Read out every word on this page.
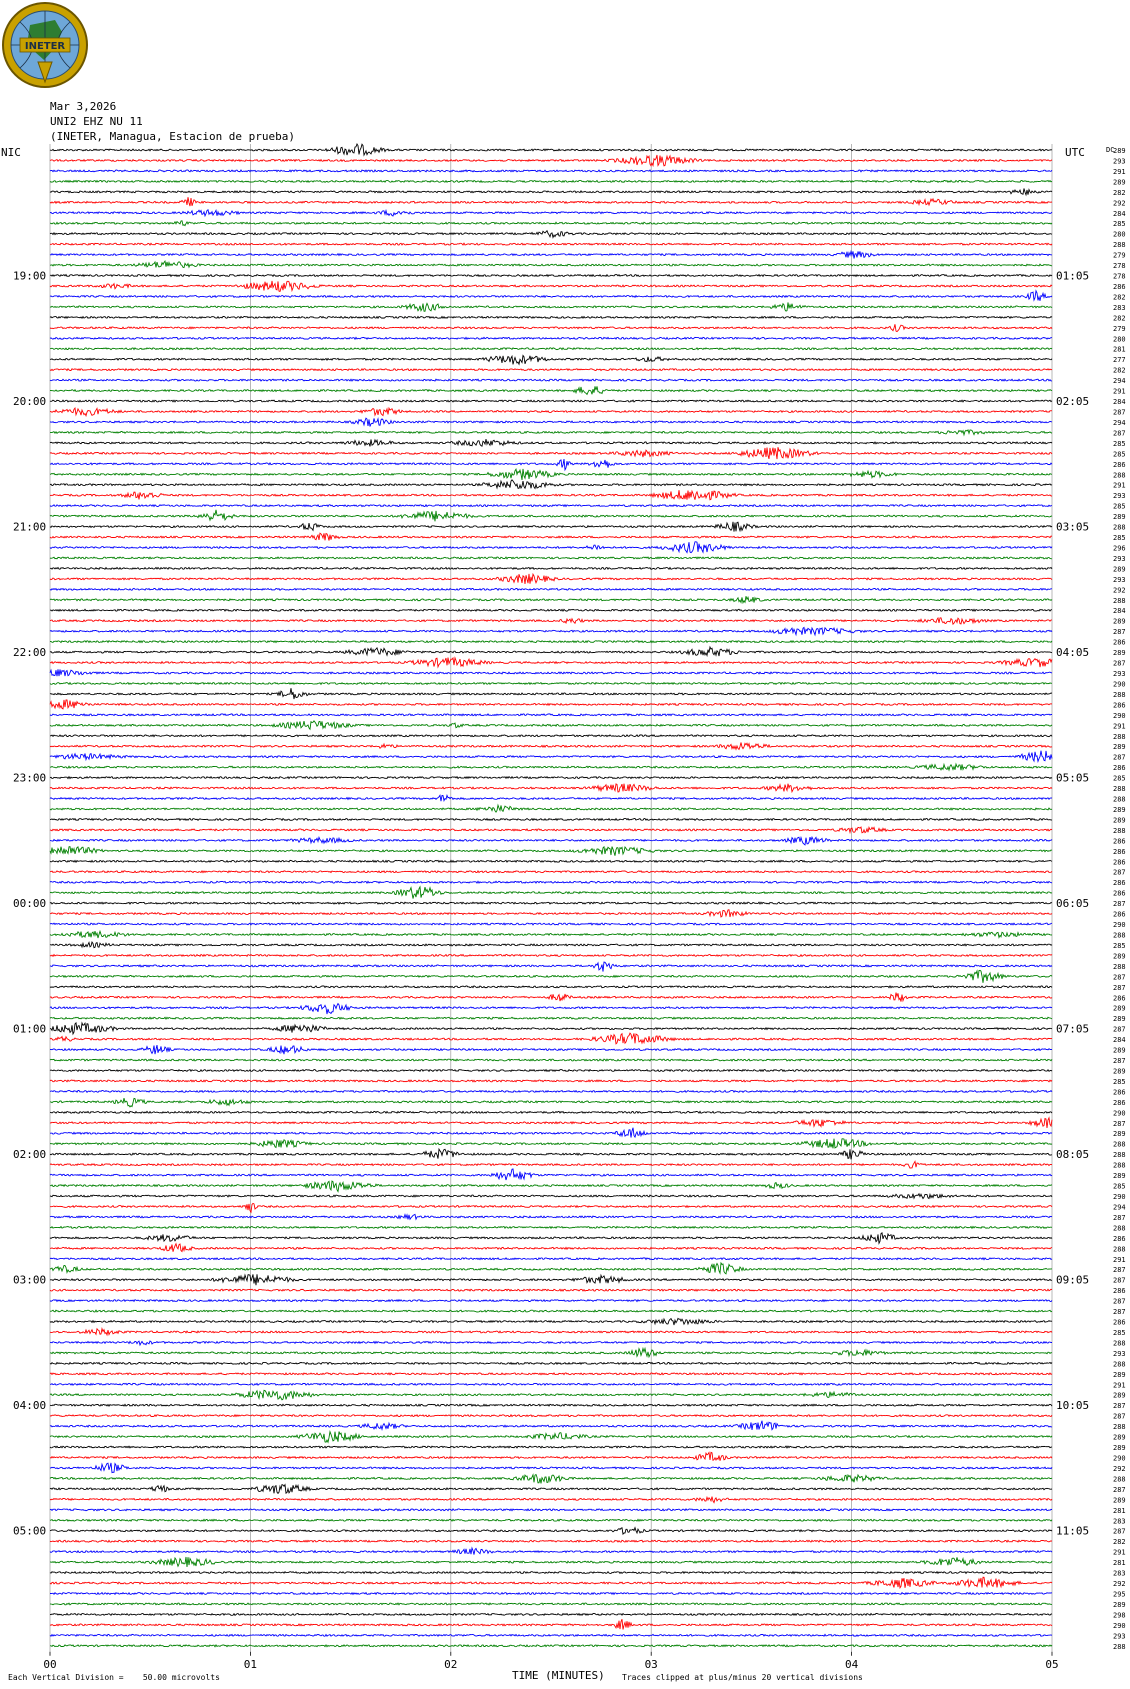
INETER
Mar 3,2026
UNI2 EHZ NU 11
(INETER, Managua, Estacion de prueba)
NIC	UTC	DC
19:00
20:00
21:00
22:00
23:00
00:00
01:00
02:00
03:00
04:00
05:00
01:05
02:05
03:05
04:05
05:05
06:05
07:05
08:05
09:05
10:05
11:05
289
293
291
289
282
292
284
285
280
288
279
278
278
286
282
283
282
279
280
281
277
282
294
291
284
287
294
287
285
285
286
288
291
293
285
289
288
285
296
293
289
293
292
288
284
289
287
286
289
287
293
290
288
286
290
291
288
289
287
286
285
288
288
289
289
288
286
286
286
287
286
286
287
286
290
288
285
289
288
287
287
286
289
289
287
284
289
287
289
285
286
286
290
287
289
288
288
288
289
285
290
294
287
288
286
288
291
287
287
286
287
287
286
285
288
293
288
289
291
289
287
287
288
289
289
290
292
288
287
289
281
283
287
282
291
281
283
292
295
289
298
290
293
288
00	01	02	03	04	05
Each Vertical Division =    50.00 microvolts	TIME (MINUTES) Traces clipped at plus/minus 20 vertical divisions
